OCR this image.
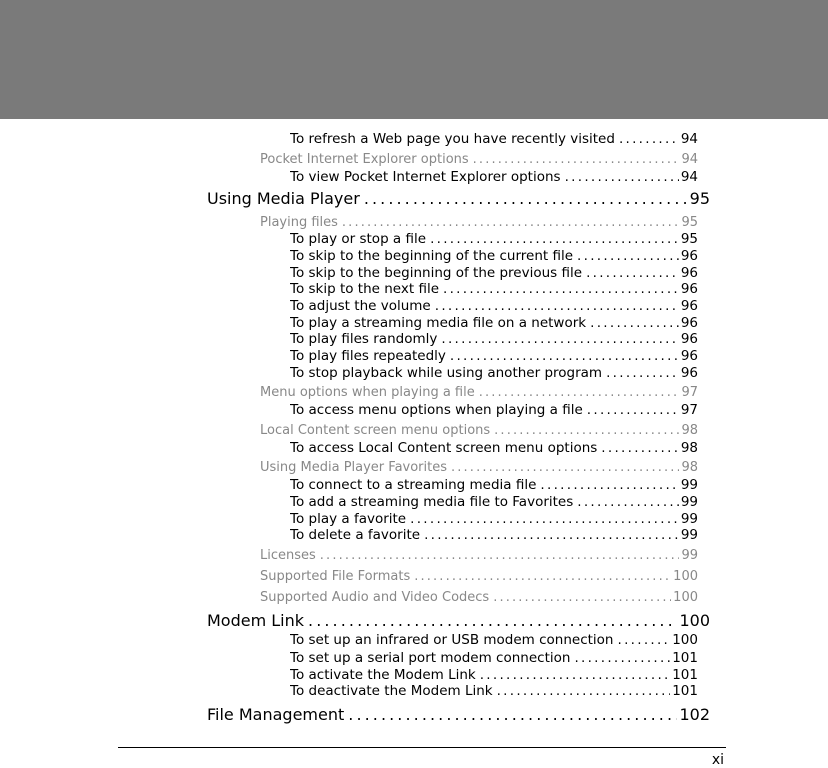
To refresh a Web page you have recently visited . . .	94
Pocket Internet Explorer options . . .	94
To view Pocket Internet Explorer options . . .	94
Using Media Player . . .	95
Playing files . . .	95
To play or stop a file . . .	95
To skip to the beginning of the current file . . .	96
To skip to the beginning of the previous file . . .	96
To skip to the next file . . .	96
To adjust the volume . . .	96
To play a streaming media file on a network . . .	96
To play files randomly . . .	96
To play files repeatedly . . .	96
To stop playback while using another program . . .	96
Menu options when playing a file . . .	97
To access menu options when playing a file . . .	97
Local Content screen menu options . . .	98
To access Local Content screen menu options . . .	98
Using Media Player Favorites . . .	98
To connect to a streaming media file . . .	99
To add a streaming media file to Favorites . . .	99
To play a favorite . . .	99
To delete a favorite . . .	99
Licenses . . .	99
Supported File Formats . . .	100
Supported Audio and Video Codecs . . .	100
Modem Link . . .	100
To set up an infrared or USB modem connection . . .	100
To set up a serial port modem connection . . .	101
To activate the Modem Link . . .	101
To deactivate the Modem Link . . .	101
File Management . . .	102
xi
